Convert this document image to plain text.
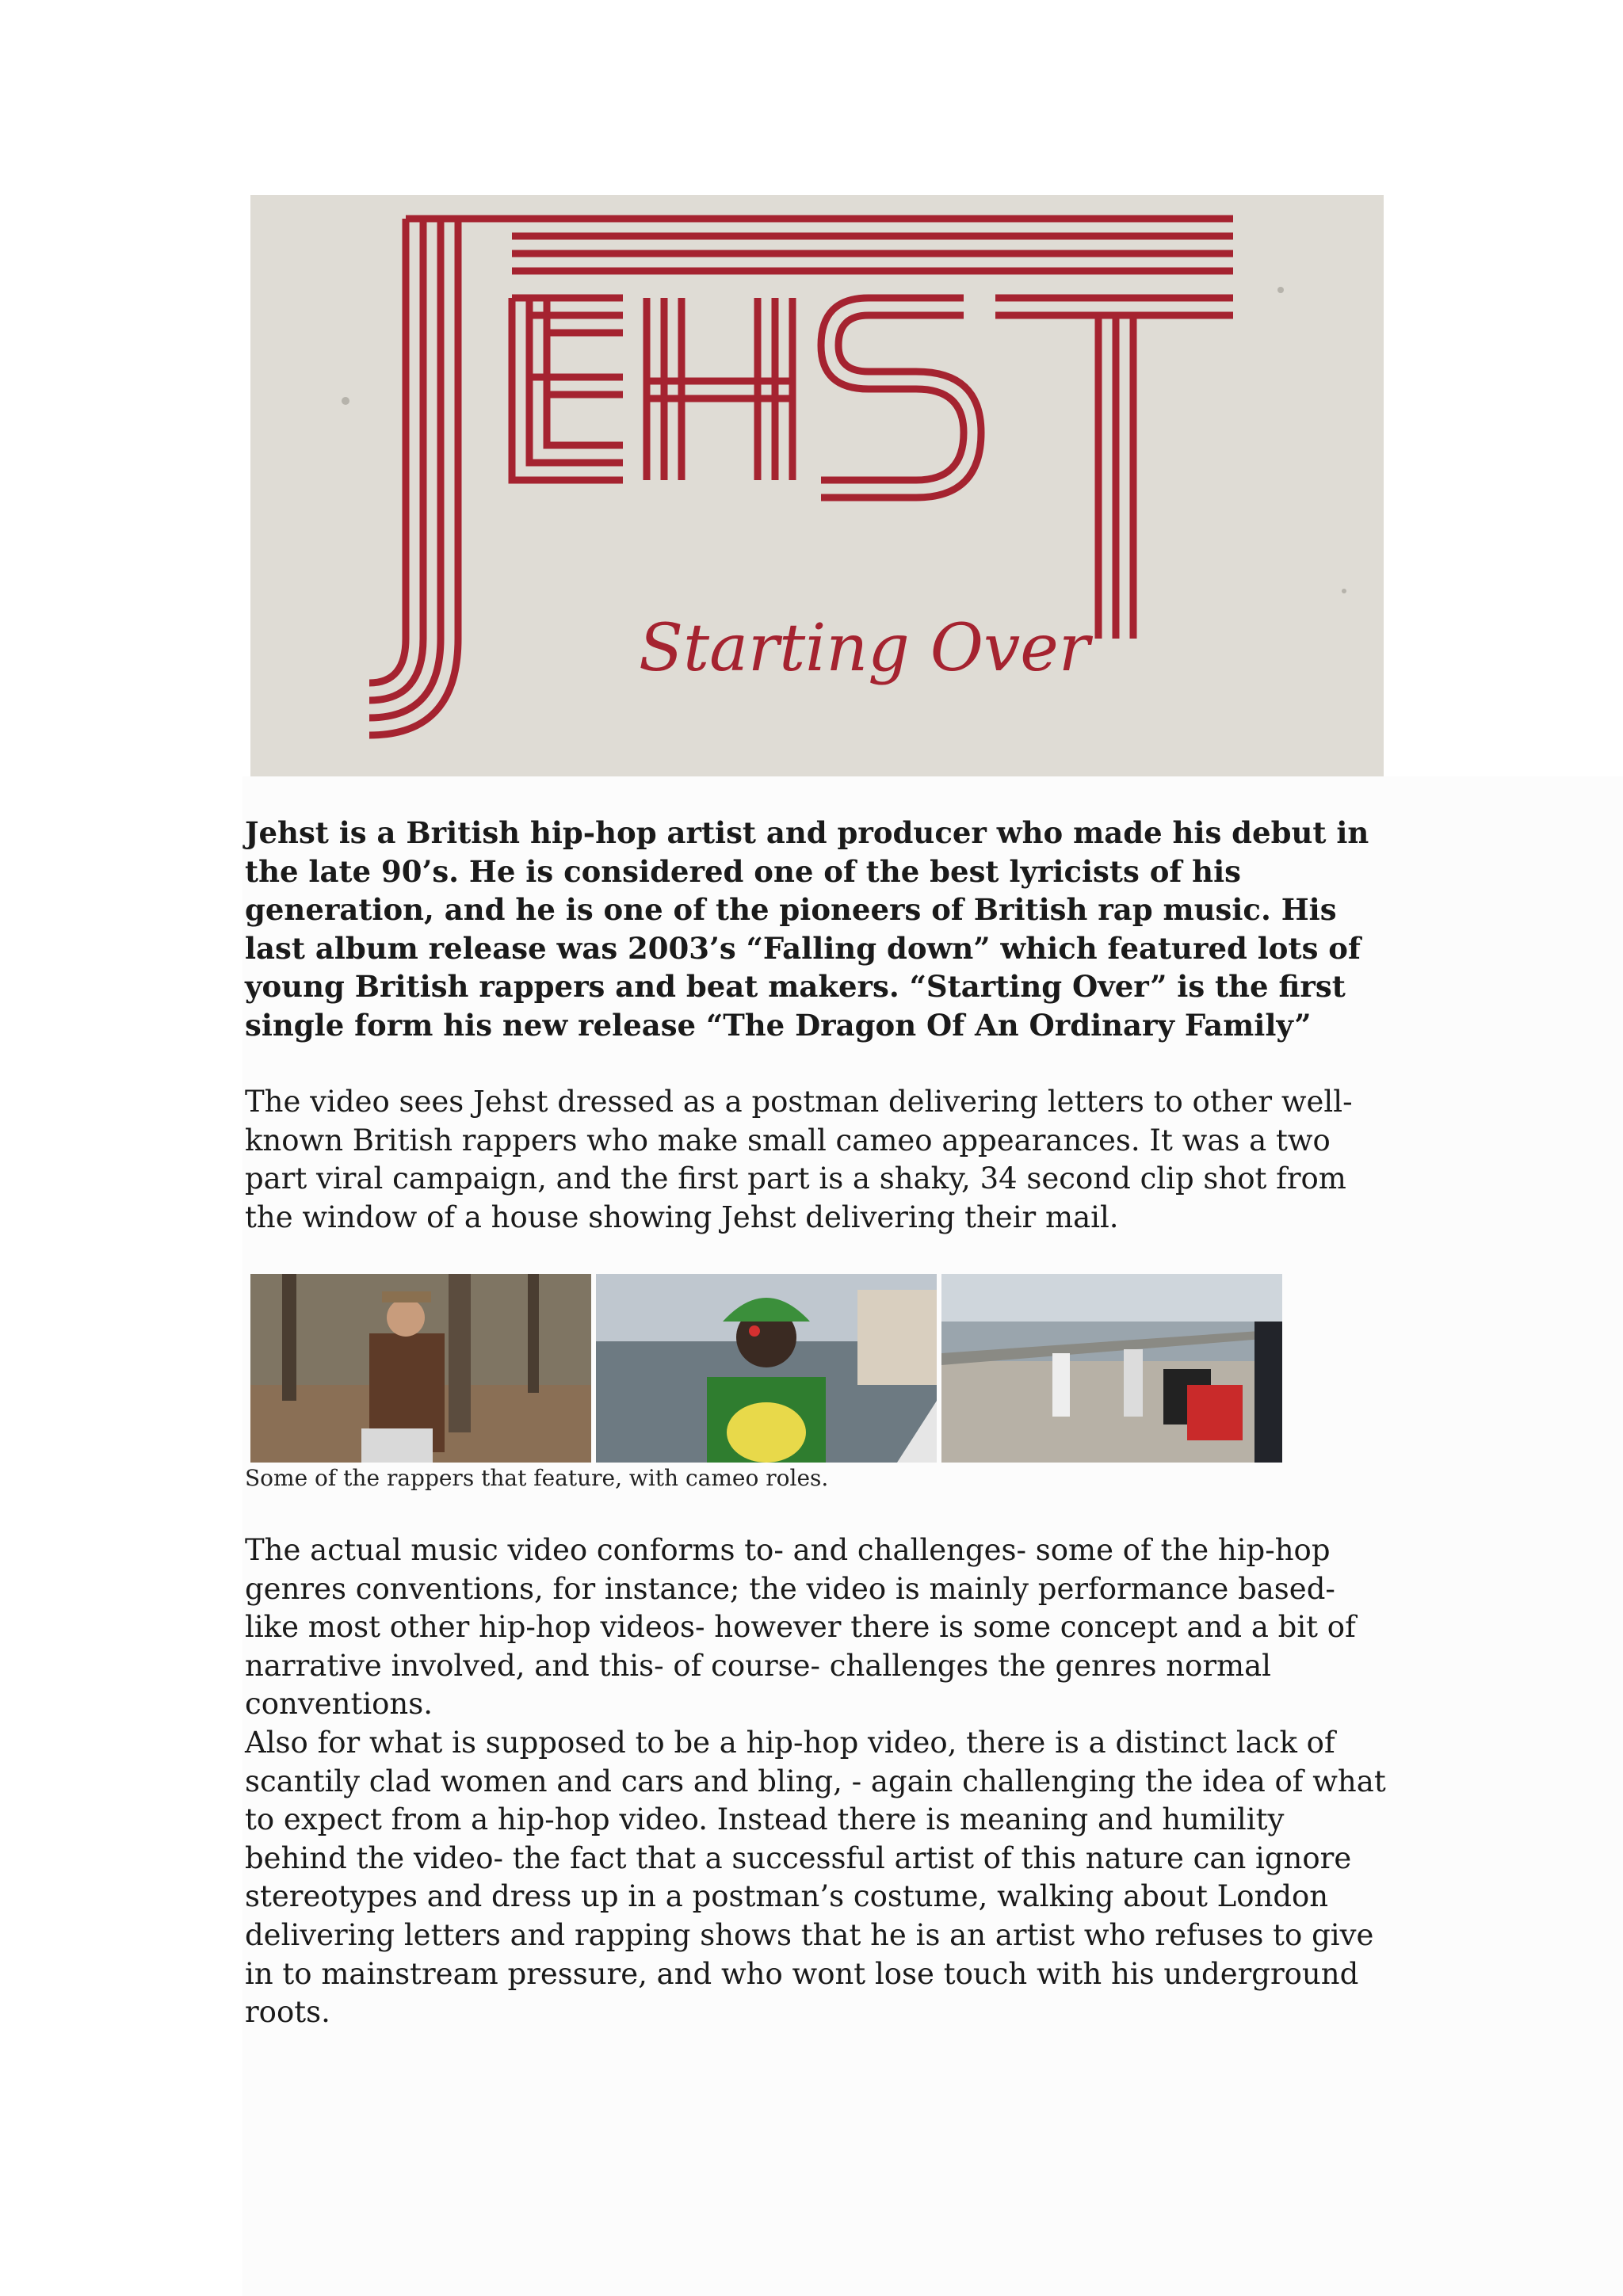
Starting Over

Jehst is a British hip-hop artist and producer who made his debut in the late 90’s. He is considered one of the best lyricists of his generation, and he is one of the pioneers of British rap music. His last album release was 2003’s “Falling down” which featured lots of young British rappers and beat makers. “Starting Over” is the first single form his new release “The Dragon Of An Ordinary Family”

The video sees Jehst dressed as a postman delivering letters to other well-known British rappers who make small cameo appearances. It was a two part viral campaign, and the first part is a shaky, 34 second clip shot from the window of a house showing Jehst delivering their mail.

Some of the rappers that feature, with cameo roles.

The actual music video conforms to- and challenges- some of the hip-hop genres conventions, for instance; the video is mainly performance based- like most other hip-hop videos- however there is some concept and a bit of narrative involved, and this- of course- challenges the genres normal conventions.
Also for what is supposed to be a hip-hop video, there is a distinct lack of scantily clad women and cars and bling, - again challenging the idea of what to expect from a hip-hop video. Instead there is meaning and humility behind the video- the fact that a successful artist of this nature can ignore stereotypes and dress up in a postman’s costume, walking about London delivering letters and rapping shows that he is an artist who refuses to give in to mainstream pressure, and who wont lose touch with his underground roots.
